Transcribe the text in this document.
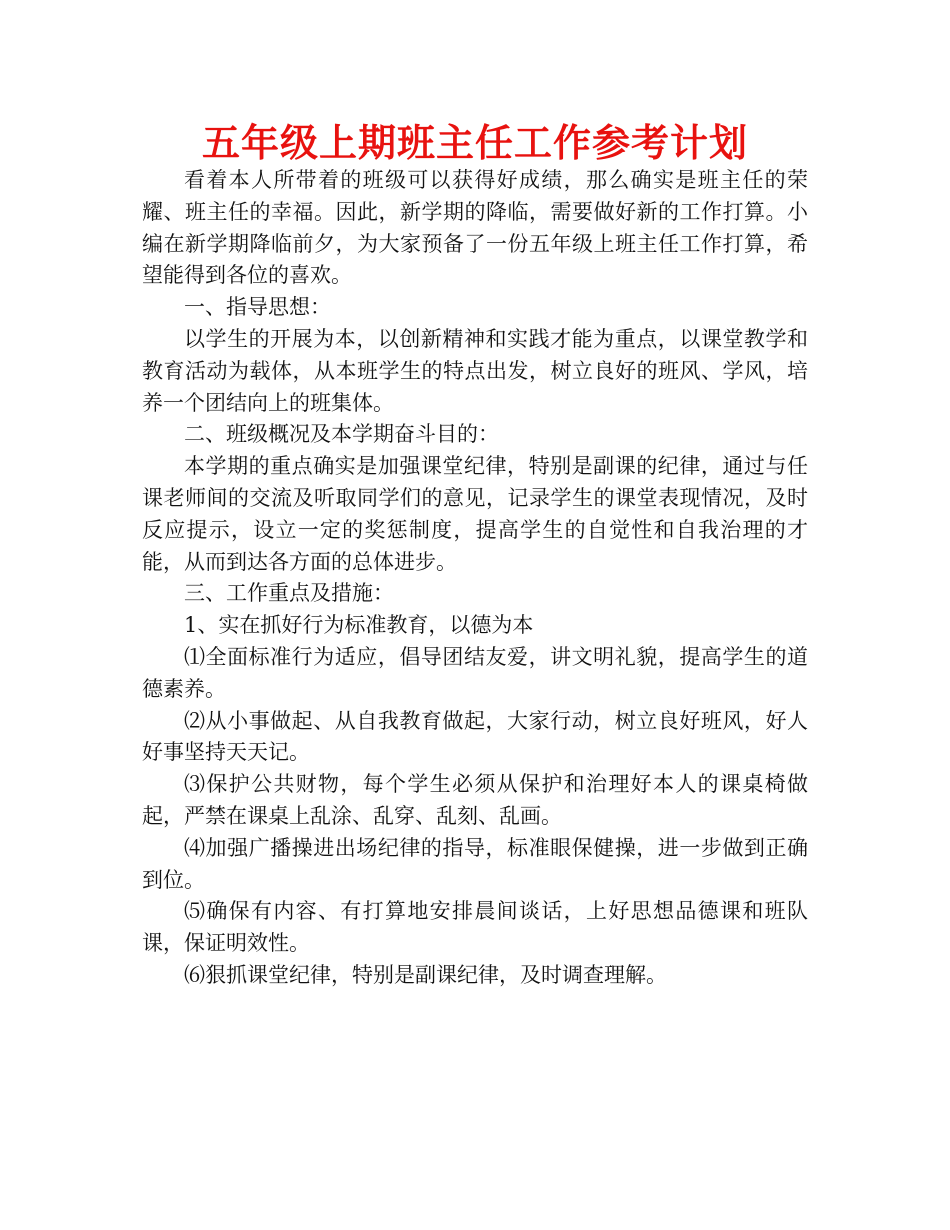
五年级上期班主任工作参考计划

看着本人所带着的班级可以获得好成绩，那么确实是班主任的荣耀、班主任的幸福。因此，新学期的降临，需要做好新的工作打算。小编在新学期降临前夕，为大家预备了一份五年级上班主任工作打算，希望能得到各位的喜欢。

一、指导思想：

以学生的开展为本，以创新精神和实践才能为重点，以课堂教学和教育活动为载体，从本班学生的特点出发，树立良好的班风、学风，培养一个团结向上的班集体。

二、班级概况及本学期奋斗目的：

本学期的重点确实是加强课堂纪律，特别是副课的纪律，通过与任课老师间的交流及听取同学们的意见，记录学生的课堂表现情况，及时反应提示，设立一定的奖惩制度，提高学生的自觉性和自我治理的才能，从而到达各方面的总体进步。

三、工作重点及措施：

1、实在抓好行为标准教育，以德为本

⑴全面标准行为适应，倡导团结友爱，讲文明礼貌，提高学生的道德素养。

⑵从小事做起、从自我教育做起，大家行动，树立良好班风，好人好事坚持天天记。

⑶保护公共财物，每个学生必须从保护和治理好本人的课桌椅做起，严禁在课桌上乱涂、乱穿、乱刻、乱画。

⑷加强广播操进出场纪律的指导，标准眼保健操，进一步做到正确到位。

⑸确保有内容、有打算地安排晨间谈话，上好思想品德课和班队课，保证明效性。

⑹狠抓课堂纪律，特别是副课纪律，及时调查理解。
